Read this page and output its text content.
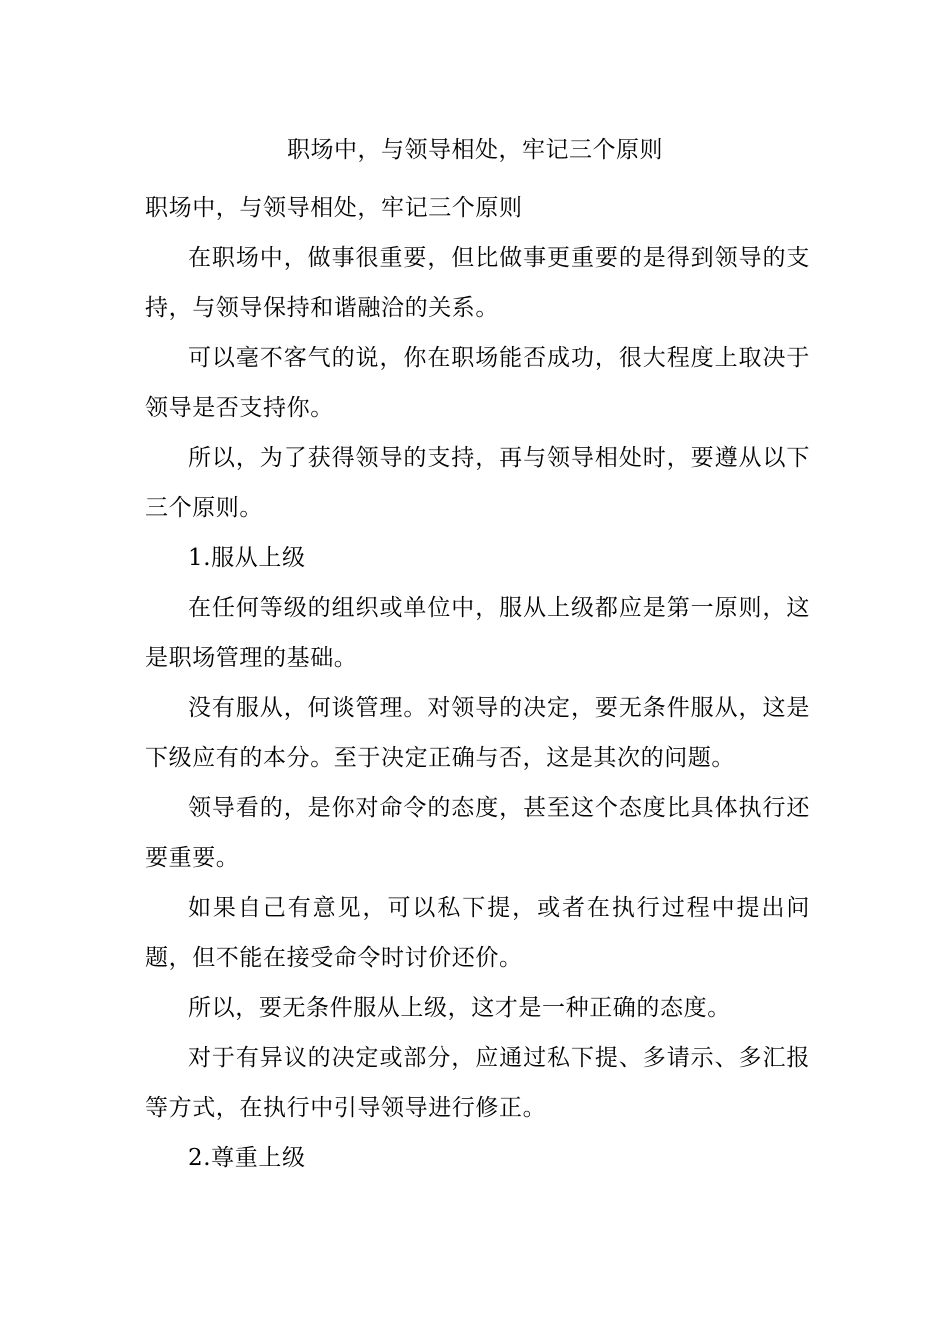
职场中，与领导相处，牢记三个原则

职场中，与领导相处，牢记三个原则

在职场中，做事很重要，但比做事更重要的是得到领导的支持，与领导保持和谐融洽的关系。

可以毫不客气的说，你在职场能否成功，很大程度上取决于领导是否支持你。

所以，为了获得领导的支持，再与领导相处时，要遵从以下三个原则。

1.服从上级

在任何等级的组织或单位中，服从上级都应是第一原则，这是职场管理的基础。

没有服从，何谈管理。对领导的决定，要无条件服从，这是下级应有的本分。至于决定正确与否，这是其次的问题。

领导看的，是你对命令的态度，甚至这个态度比具体执行还要重要。

如果自己有意见，可以私下提，或者在执行过程中提出问题，但不能在接受命令时讨价还价。

所以，要无条件服从上级，这才是一种正确的态度。

对于有异议的决定或部分，应通过私下提、多请示、多汇报等方式，在执行中引导领导进行修正。

2.尊重上级
